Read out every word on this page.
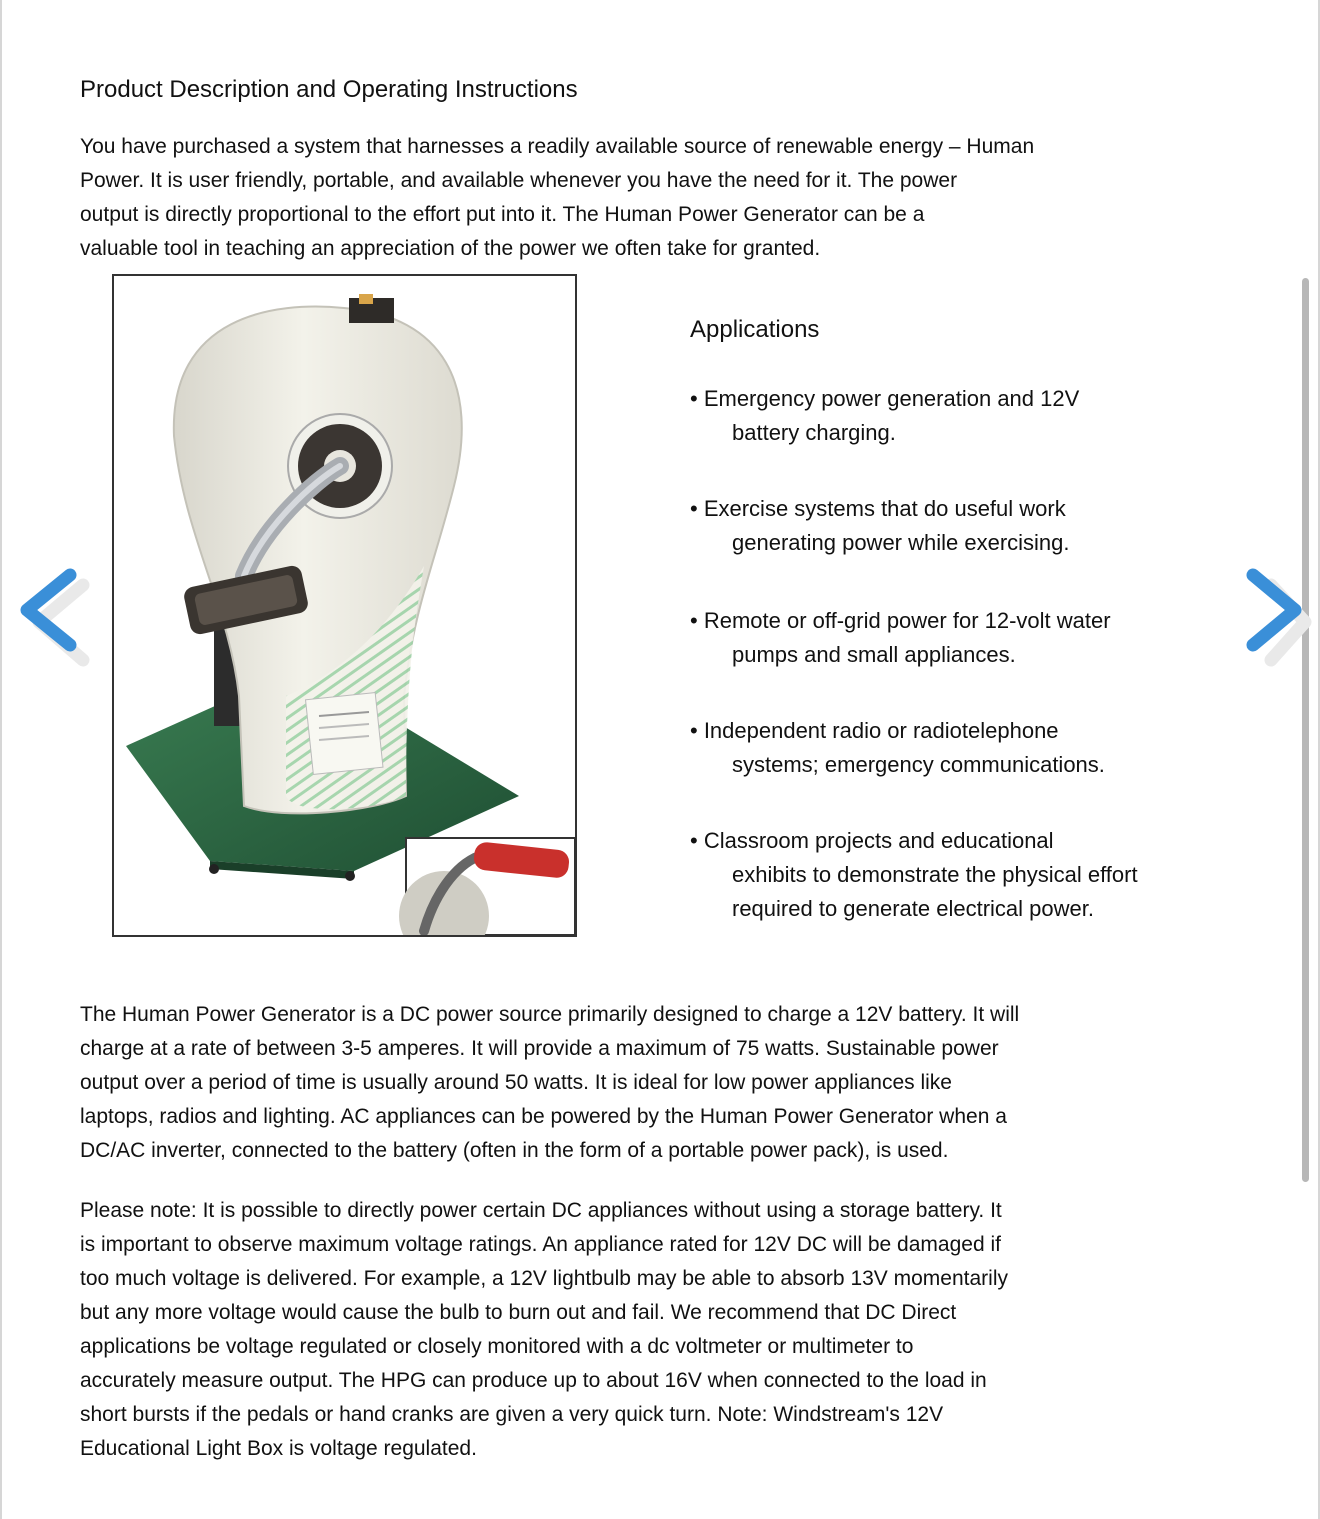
Product Description and Operating Instructions

You have purchased a system that harnesses a readily available source of renewable energy – Human
Power. It is user friendly, portable, and available whenever you have the need for it. The power
output is directly proportional to the effort put into it. The Human Power Generator can be a
valuable tool in teaching an appreciation of the power we often take for granted.

Applications
• Emergency power generation and 12V
battery charging.
• Exercise systems that do useful work
generating power while exercising.
• Remote or off-grid power for 12-volt water
pumps and small appliances.
• Independent radio or radiotelephone
systems; emergency communications.
• Classroom projects and educational
exhibits to demonstrate the physical effort
required to generate electrical power.

The Human Power Generator is a DC power source primarily designed to charge a 12V battery. It will
charge at a rate of between 3-5 amperes. It will provide a maximum of 75 watts. Sustainable power
output over a period of time is usually around 50 watts. It is ideal for low power appliances like
laptops, radios and lighting. AC appliances can be powered by the Human Power Generator when a
DC/AC inverter, connected to the battery (often in the form of a portable power pack), is used.

Please note: It is possible to directly power certain DC appliances without using a storage battery. It
is important to observe maximum voltage ratings. An appliance rated for 12V DC will be damaged if
too much voltage is delivered. For example, a 12V lightbulb may be able to absorb 13V momentarily
but any more voltage would cause the bulb to burn out and fail. We recommend that DC Direct
applications be voltage regulated or closely monitored with a dc voltmeter or multimeter to
accurately measure output. The HPG can produce up to about 16V when connected to the load in
short bursts if the pedals or hand cranks are given a very quick turn. Note: Windstream's 12V
Educational Light Box is voltage regulated.
